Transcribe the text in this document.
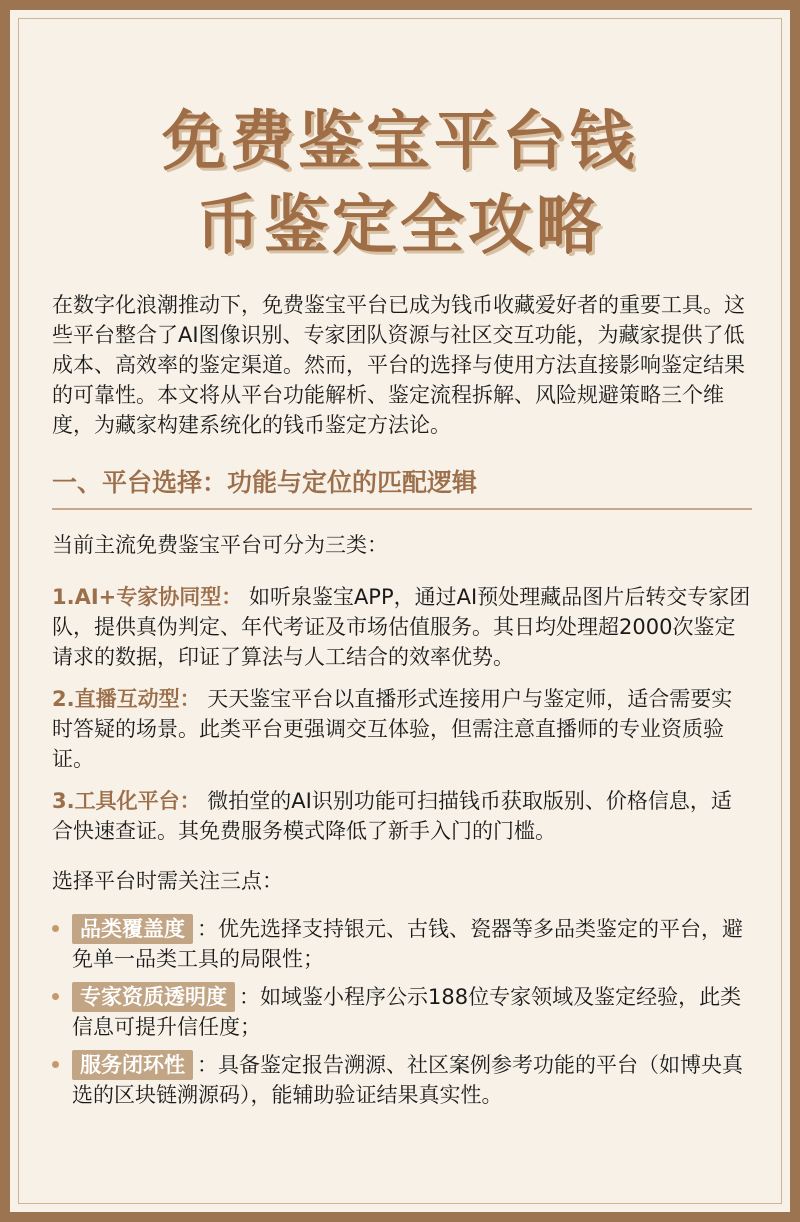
免费鉴宝平台钱
币鉴定全攻略

在数字化浪潮推动下，免费鉴宝平台已成为钱币收藏爱好者的重要工具。这些平台整合了AI图像识别、专家团队资源与社区交互功能，为藏家提供了低成本、高效率的鉴定渠道。然而，平台的选择与使用方法直接影响鉴定结果的可靠性。本文将从平台功能解析、鉴定流程拆解、风险规避策略三个维度，为藏家构建系统化的钱币鉴定方法论。

一、平台选择：功能与定位的匹配逻辑

当前主流免费鉴宝平台可分为三类：

1.AI+专家协同型： 如听泉鉴宝APP，通过AI预处理藏品图片后转交专家团队，提供真伪判定、年代考证及市场估值服务。其日均处理超2000次鉴定请求的数据，印证了算法与人工结合的效率优势。

2.直播互动型： 天天鉴宝平台以直播形式连接用户与鉴定师，适合需要实时答疑的场景。此类平台更强调交互体验，但需注意直播师的专业资质验证。

3.工具化平台： 微拍堂的AI识别功能可扫描钱币获取版别、价格信息，适合快速查证。其免费服务模式降低了新手入门的门槛。

选择平台时需关注三点：

品类覆盖度 ：优先选择支持银元、古钱、瓷器等多品类鉴定的平台，避免单一品类工具的局限性；
专家资质透明度 ：如域鉴小程序公示188位专家领域及鉴定经验，此类信息可提升信任度；
服务闭环性 ：具备鉴定报告溯源、社区案例参考功能的平台（如博央真选的区块链溯源码），能辅助验证结果真实性。
